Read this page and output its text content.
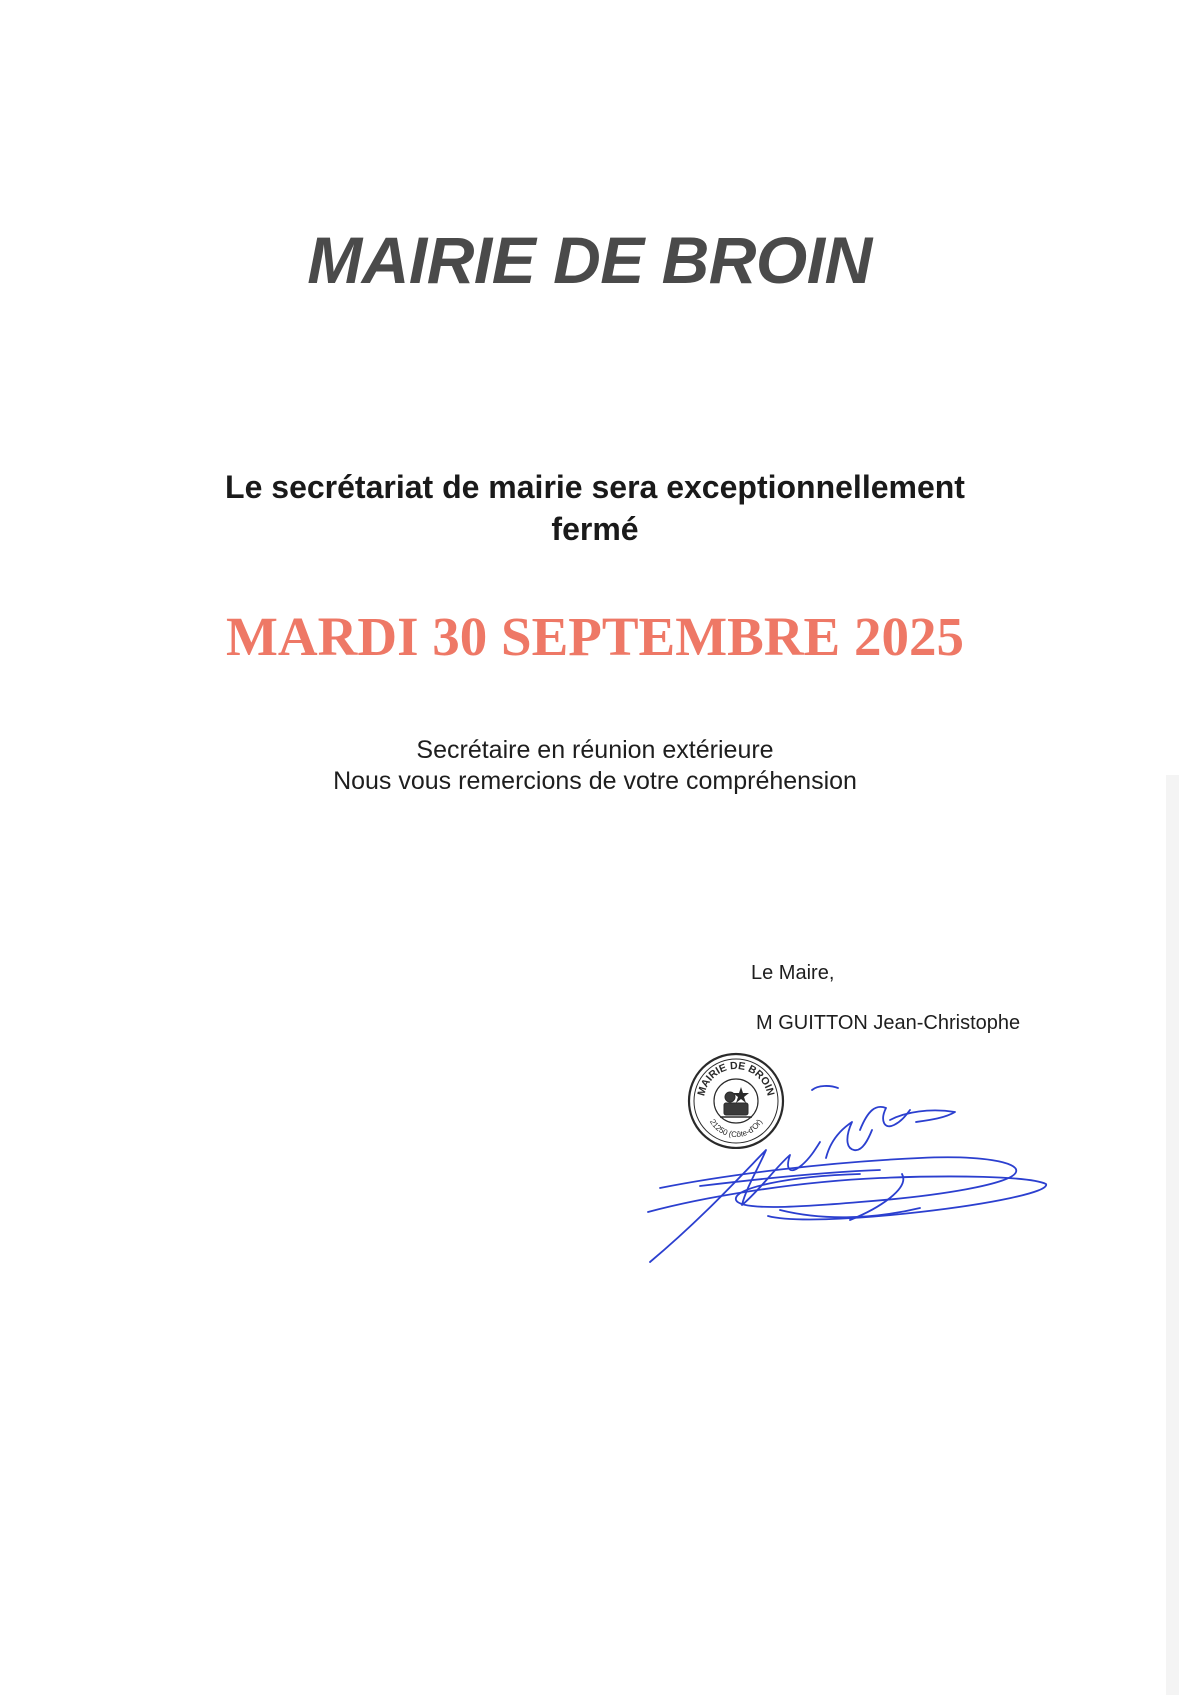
MAIRIE DE BROIN
Le secrétariat de mairie sera exceptionnellement
fermé
MARDI 30 SEPTEMBRE 2025
Secrétaire en réunion extérieure
Nous vous remercions de votre compréhension
Le Maire,
M GUITTON Jean-Christophe
MAIRIE DE BROIN
21250 (Côte-d'Or)
